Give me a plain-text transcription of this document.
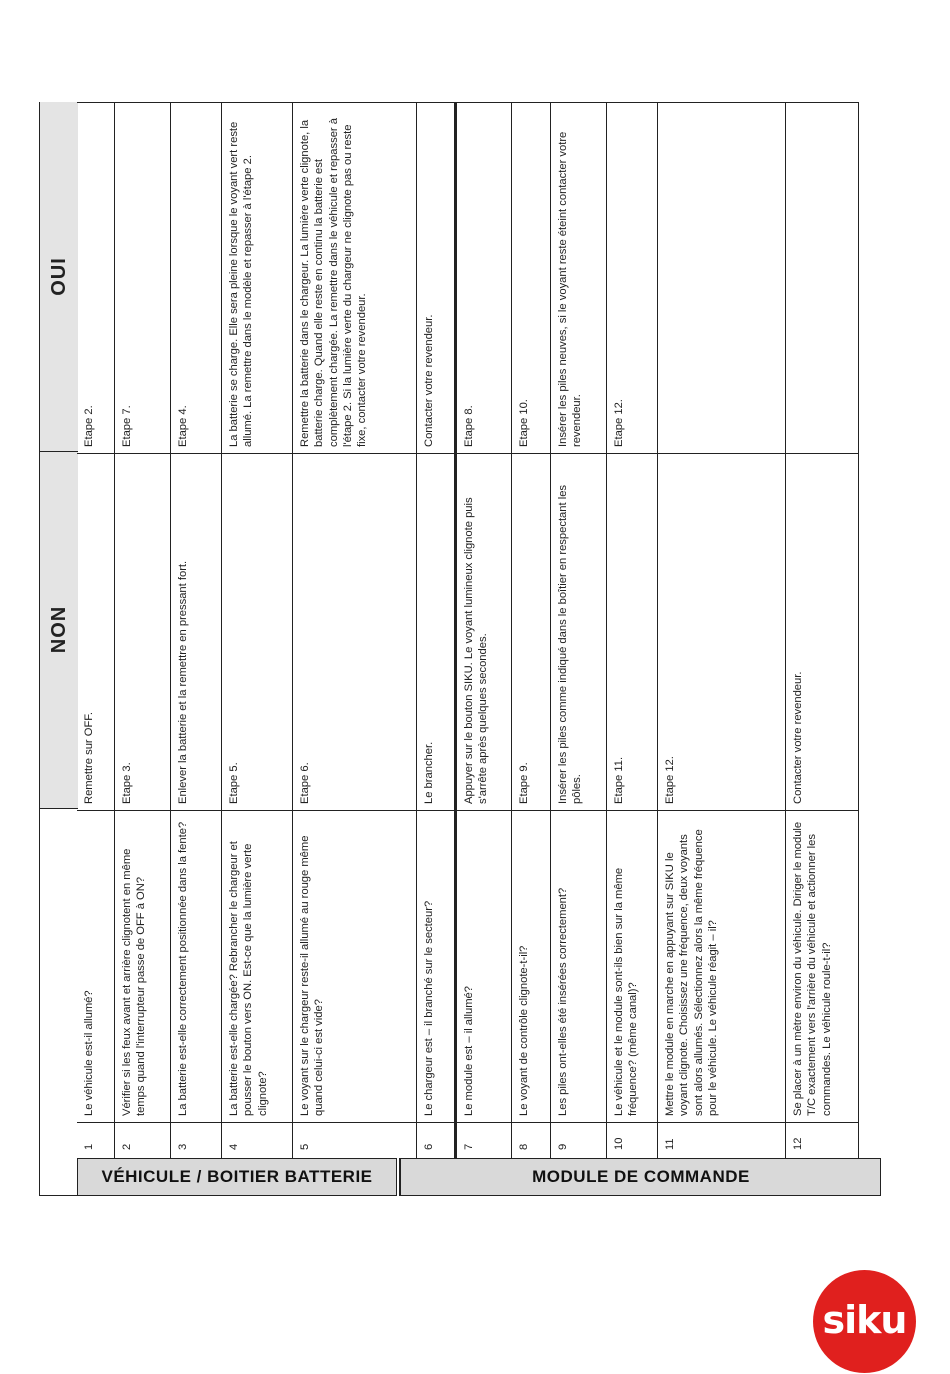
NON
OUI
VÉHICULE / BOITIER BATTERIE	MODULE DE COMMANDE
1
Le véhicule est-il allumé?
Remettre sur OFF.
Etape 2.
2
Vérifier si les feux avant et arrière clignotent en même temps quand l'interrupteur passe de OFF à ON?
Etape 3.
Etape 7.
3
La batterie est-elle correctement positionnée dans la fente?
Enlever la batterie et la remettre en pressant fort.
Etape 4.
4
La batterie est-elle chargée? Rebrancher le chargeur et pousser le bouton vers ON. Est-ce que la lumière verte clignote?
Etape 5.
La batterie se charge. Elle sera pleine lorsque le voyant vert reste allumé. La remettre dans le modèle et repasser à l'étape 2.
5
Le voyant sur le chargeur reste-il allumé au rouge même quand celui-ci est vide?
Etape 6.
Remettre la batterie dans le chargeur. La lumière verte clignote, la batterie charge. Quand elle reste en continu la batterie est complètement chargée. La remettre dans le véhicule et repasser à l'étape 2. Si la lumière verte du chargeur ne clignote pas ou reste fixe, contacter votre revendeur.
6
Le chargeur est – il branché sur le secteur?
Le brancher.
Contacter votre revendeur.
7
Le module est – il allumé?
Appuyer sur le bouton SIKU. Le voyant lumineux clignote puis s'arrête après quelques secondes.
Etape 8.
8
Le voyant de contrôle clignote-t-il?
Etape 9.
Etape 10.
9
Les piles ont-elles été insérées correctement?
Insérer les piles comme indiqué dans le boîtier en respectant les pôles.
Insérer les piles neuves, si le voyant reste éteint contacter votre revendeur.
10
Le véhicule et le module sont-ils bien sur la même fréquence? (même canal)?
Etape 11.
Etape 12.
11
Mettre le module en marche en appuyant sur SIKU le voyant clignote. Choisissez une fréquence, deux voyants sont alors allumés. Sélectionnez alors la même fréquence pour le véhicule. Le véhicule réagit – il?
Etape 12.
12
Se placer à un mètre environ du véhicule. Diriger le module T/C exactement vers l'arrière du véhicule et actionner les commandes. Le véhicule roule-t-il?
Contacter votre revendeur.
siku
